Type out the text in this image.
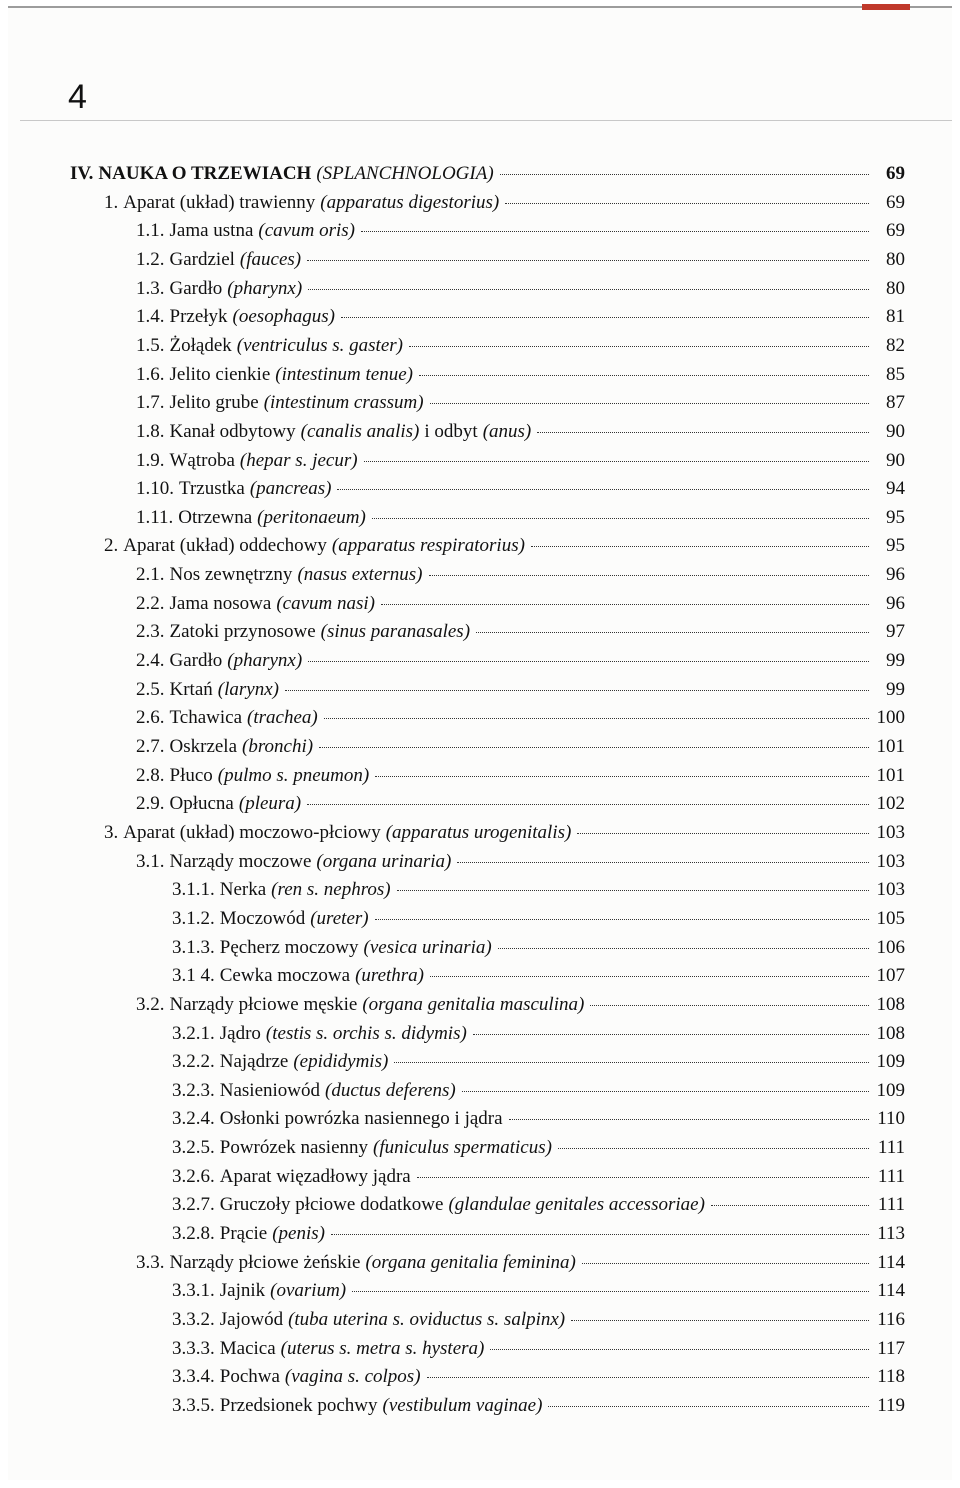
4
IV. NAUKA O TRZEWIACH (SPLANCHNOLOGIA)	69
1. Aparat (układ) trawienny (apparatus digestorius)	69
1.1. Jama ustna (cavum oris)	69
1.2. Gardziel (fauces)	80
1.3. Gardło (pharynx)	80
1.4. Przełyk (oesophagus)	81
1.5. Żołądek (ventriculus s. gaster)	82
1.6. Jelito cienkie (intestinum tenue)	85
1.7. Jelito grube (intestinum crassum)	87
1.8. Kanał odbytowy (canalis analis) i odbyt (anus)	90
1.9. Wątroba (hepar s. jecur)	90
1.10. Trzustka (pancreas)	94
1.11. Otrzewna (peritonaeum)	95
2. Aparat (układ) oddechowy (apparatus respiratorius)	95
2.1. Nos zewnętrzny (nasus externus)	96
2.2. Jama nosowa (cavum nasi)	96
2.3. Zatoki przynosowe (sinus paranasales)	97
2.4. Gardło (pharynx)	99
2.5. Krtań (larynx)	99
2.6. Tchawica (trachea)	100
2.7. Oskrzela (bronchi)	101
2.8. Płuco (pulmo s. pneumon)	101
2.9. Opłucna (pleura)	102
3. Aparat (układ) moczowo-płciowy (apparatus urogenitalis)	103
3.1. Narządy moczowe (organa urinaria)	103
3.1.1. Nerka (ren s. nephros)	103
3.1.2. Moczowód (ureter)	105
3.1.3. Pęcherz moczowy (vesica urinaria)	106
3.1 4. Cewka moczowa (urethra)	107
3.2. Narządy płciowe męskie (organa genitalia masculina)	108
3.2.1. Jądro (testis s. orchis s. didymis)	108
3.2.2. Najądrze (epididymis)	109
3.2.3. Nasieniowód (ductus deferens)	109
3.2.4. Osłonki powrózka nasiennego i jądra	110
3.2.5. Powrózek nasienny (funiculus spermaticus)	111
3.2.6. Aparat więzadłowy jądra	111
3.2.7. Gruczoły płciowe dodatkowe (glandulae genitales accessoriae)	111
3.2.8. Prącie (penis)	113
3.3. Narządy płciowe żeńskie (organa genitalia feminina)	114
3.3.1. Jajnik (ovarium)	114
3.3.2. Jajowód (tuba uterina s. oviductus s. salpinx)	116
3.3.3. Macica (uterus s. metra s. hystera)	117
3.3.4. Pochwa (vagina s. colpos)	118
3.3.5. Przedsionek pochwy (vestibulum vaginae)	119
